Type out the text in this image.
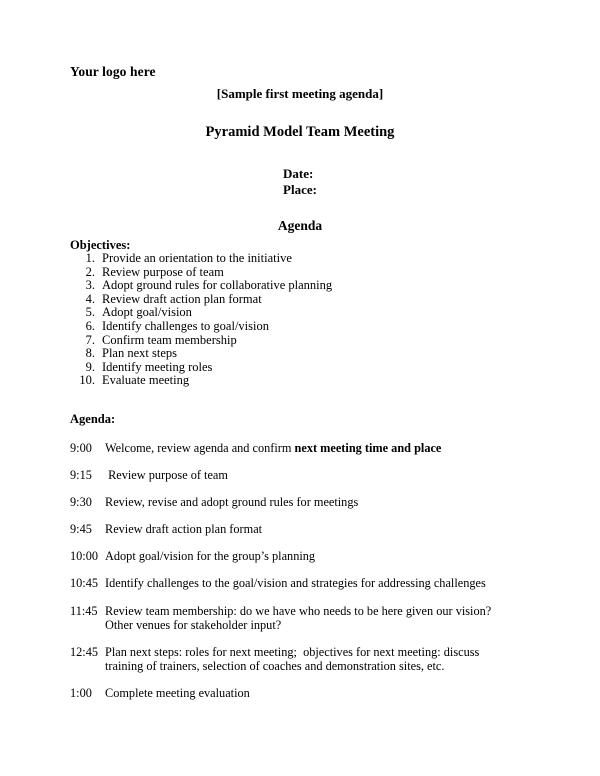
Your logo here
[Sample first meeting agenda]
Pyramid Model Team Meeting
Date:
Place:
Agenda
Objectives:
1. Provide an orientation to the initiative
2. Review purpose of team
3. Adopt ground rules for collaborative planning
4. Review draft action plan format
5. Adopt goal/vision
6. Identify challenges to goal/vision
7. Confirm team membership
8. Plan next steps
9. Identify meeting roles
10. Evaluate meeting
Agenda:
9:00	Welcome, review agenda and confirm next meeting time and place
9:15	Review purpose of team
9:30	Review, revise and adopt ground rules for meetings
9:45	Review draft action plan format
10:00 Adopt goal/vision for the group’s planning
10:45 Identify challenges to the goal/vision and strategies for addressing challenges
11:45 Review team membership: do we have who needs to be here given our vision? Other venues for stakeholder input?
12:45 Plan next steps: roles for next meeting;  objectives for next meeting: discuss training of trainers, selection of coaches and demonstration sites, etc.
1:00	Complete meeting evaluation
